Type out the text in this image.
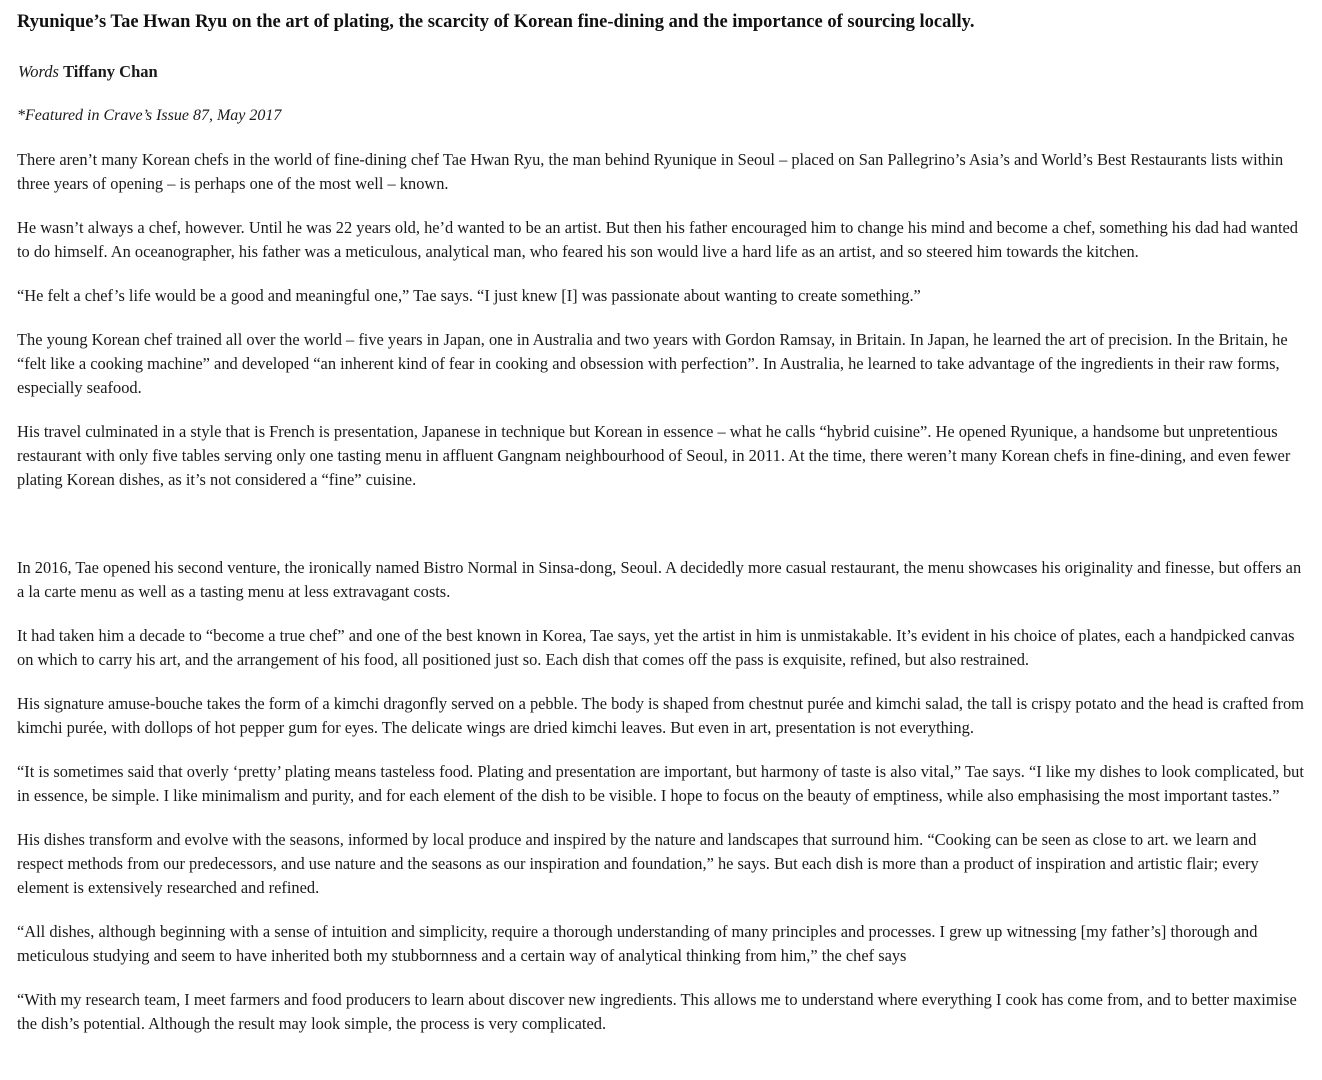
Ryunique’s Tae Hwan Ryu on the art of plating, the scarcity of Korean fine-dining and the importance of sourcing locally.
Words Tiffany Chan
*Featured in Crave’s Issue 87, May 2017

There aren’t many Korean chefs in the world of fine-dining chef Tae Hwan Ryu, the man behind Ryunique in Seoul – placed on San Pallegrino’s Asia’s and World’s Best Restaurants lists within three years of opening – is perhaps one of the most well – known.

He wasn’t always a chef, however. Until he was 22 years old, he’d wanted to be an artist. But then his father encouraged him to change his mind and become a chef, something his dad had wanted to do himself. An oceanographer, his father was a meticulous, analytical man, who feared his son would live a hard life as an artist, and so steered him towards the kitchen.

“He felt a chef’s life would be a good and meaningful one,” Tae says. “I just knew [I] was passionate about wanting to create something.”

The young Korean chef trained all over the world – five years in Japan, one in Australia and two years with Gordon Ramsay, in Britain. In Japan, he learned the art of precision. In the Britain, he “felt like a cooking machine” and developed “an inherent kind of fear in cooking and obsession with perfection”. In Australia, he learned to take advantage of the ingredients in their raw forms, especially seafood.

His travel culminated in a style that is French is presentation, Japanese in technique but Korean in essence – what he calls “hybrid cuisine”. He opened Ryunique, a handsome but unpretentious restaurant with only five tables serving only one tasting menu in affluent Gangnam neighbourhood of Seoul, in 2011. At the time, there weren’t many Korean chefs in fine-dining, and even fewer plating Korean dishes, as it’s not considered a “fine” cuisine.

In 2016, Tae opened his second venture, the ironically named Bistro Normal in Sinsa-dong, Seoul. A decidedly more casual restaurant, the menu showcases his originality and finesse, but offers an a la carte menu as well as a tasting menu at less extravagant costs.

It had taken him a decade to “become a true chef” and one of the best known in Korea, Tae says, yet the artist in him is unmistakable. It’s evident in his choice of plates, each a handpicked canvas on which to carry his art, and the arrangement of his food, all positioned just so. Each dish that comes off the pass is exquisite, refined, but also restrained.

His signature amuse-bouche takes the form of a kimchi dragonfly served on a pebble. The body is shaped from chestnut purée and kimchi salad, the tall is crispy potato and the head is crafted from kimchi purée, with dollops of hot pepper gum for eyes. The delicate wings are dried kimchi leaves. But even in art, presentation is not everything.

“It is sometimes said that overly ‘pretty’ plating means tasteless food. Plating and presentation are important, but harmony of taste is also vital,” Tae says. “I like my dishes to look complicated, but in essence, be simple. I like minimalism and purity, and for each element of the dish to be visible. I hope to focus on the beauty of emptiness, while also emphasising the most important tastes.”

His dishes transform and evolve with the seasons, informed by local produce and inspired by the nature and landscapes that surround him. “Cooking can be seen as close to art. we learn and respect methods from our predecessors, and use nature and the seasons as our inspiration and foundation,” he says. But each dish is more than a product of inspiration and artistic flair; every element is extensively researched and refined.

“All dishes, although beginning with a sense of intuition and simplicity, require a thorough understanding of many principles and processes. I grew up witnessing [my father’s] thorough and meticulous studying and seem to have inherited both my stubbornness and a certain way of analytical thinking from him,” the chef says

“With my research team, I meet farmers and food producers to learn about discover new ingredients. This allows me to understand where everything I cook has come from, and to better maximise the dish’s potential. Although the result may look simple, the process is very complicated.
